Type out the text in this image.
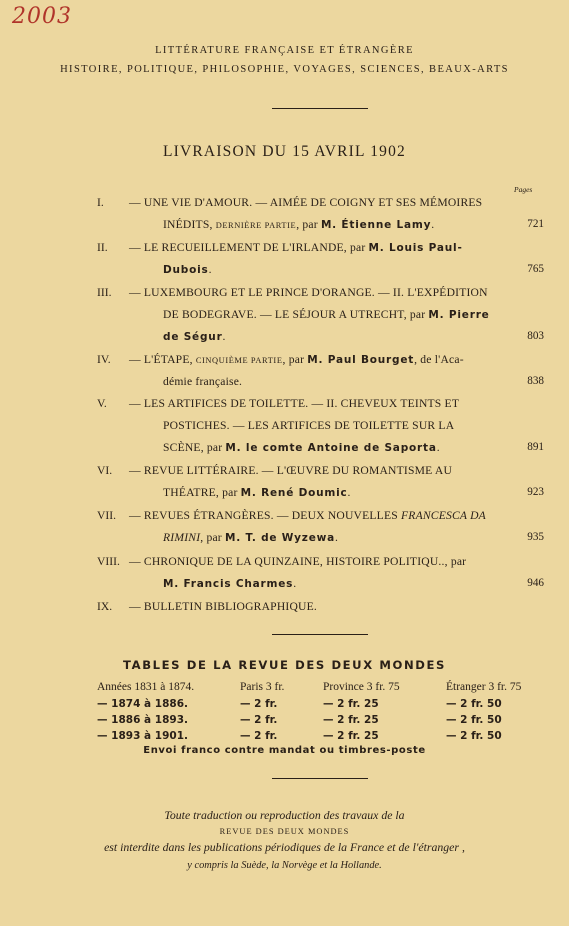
2003
LITTÉRATURE FRANÇAISE ET ÉTRANGÈRE
HISTOIRE, POLITIQUE, PHILOSOPHIE, VOYAGES, SCIENCES, BEAUX-ARTS
LIVRAISON DU 15 AVRIL 1902
Pages
TABLES DE LA REVUE DES DEUX MONDES
Envoi franco contre mandat ou timbres-poste
Toute traduction ou reproduction des travaux de la
REVUE DES DEUX MONDES
est interdite dans les publications périodiques de la France et de l'étranger ,
y compris la Suède, la Norvège et la Hollande.
I. — UNE VIE D'AMOUR. — AIMÉE DE COIGNY ET SES MÉMOIRES
INÉDITS, DERNIÈRE PARTIE, par M. Étienne Lamy.	721
II. — LE RECUEILLEMENT DE L'IRLANDE, par M. Louis Paul-
Dubois.	765
III. — LUXEMBOURG ET LE PRINCE D'ORANGE. — II. L'EXPÉDITION
DE BODEGRAVE. — LE SÉJOUR A UTRECHT, par M. Pierre
de Ségur.	803
IV. — L'ÉTAPE, CINQUIÈME PARTIE, par M. Paul Bourget, de l'Aca-
démie française.	838
V. — LES ARTIFICES DE TOILETTE. — II. CHEVEUX TEINTS ET
POSTICHES. — LES ARTIFICES DE TOILETTE SUR LA
SCÈNE, par M. le comte Antoine de Saporta.	891
VI. — REVUE LITTÉRAIRE. — L'ŒUVRE DU ROMANTISME AU
THÉATRE, par M. René Doumic.	923
VII. — REVUES ÉTRANGÈRES. — DEUX NOUVELLES FRANCESCA DA
RIMINI, par M. T. de Wyzewa.	935
VIII. — CHRONIQUE DE LA QUINZAINE, HISTOIRE POLITIQU.., par
M. Francis Charmes.	946
IX. — BULLETIN BIBLIOGRAPHIQUE.
Années 1831 à 1874.	Paris 3 fr.	Province 3 fr. 75	Étranger 3 fr. 75
— 1874 à 1886.	— 2 fr.	— 2 fr. 25	— 2 fr. 50
— 1886 à 1893.	— 2 fr.	— 2 fr. 25	— 2 fr. 50
— 1893 à 1901.	— 2 fr.	— 2 fr. 25	— 2 fr. 50
